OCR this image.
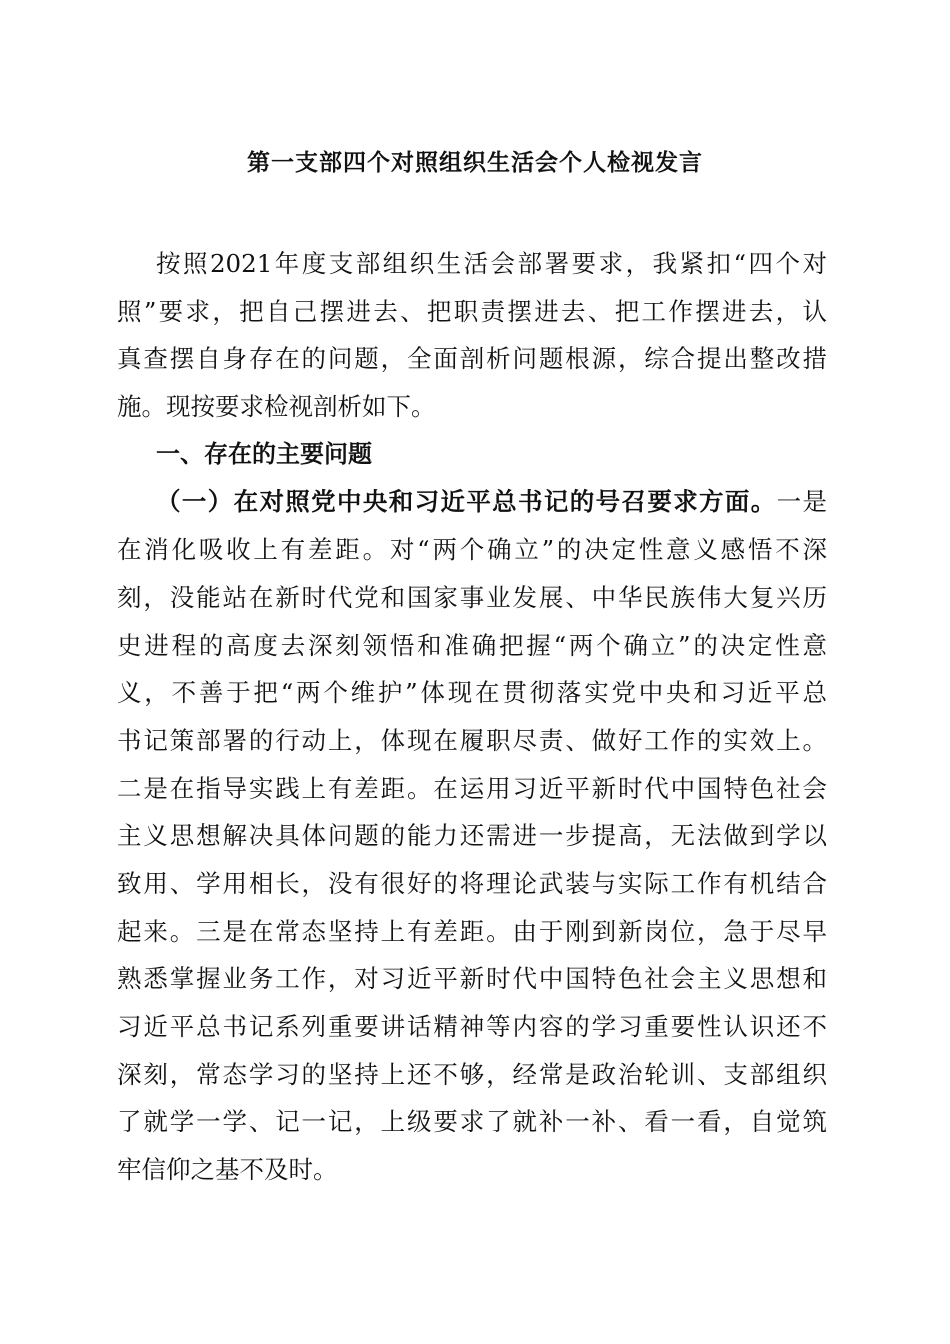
第一支部四个对照组织生活会个人检视发言
按照2021年度支部组织生活会部署要求，我紧扣“四个对
照”要求，把自己摆进去、把职责摆进去、把工作摆进去，认
真查摆自身存在的问题，全面剖析问题根源，综合提出整改措
施。现按要求检视剖析如下。
一、存在的主要问题
（一）在对照党中央和习近平总书记的号召要求方面。一是
在消化吸收上有差距。对“两个确立”的决定性意义感悟不深
刻，没能站在新时代党和国家事业发展、中华民族伟大复兴历
史进程的高度去深刻领悟和准确把握“两个确立”的决定性意
义，不善于把“两个维护”体现在贯彻落实党中央和习近平总
书记策部署的行动上，体现在履职尽责、做好工作的实效上。
二是在指导实践上有差距。在运用习近平新时代中国特色社会
主义思想解决具体问题的能力还需进一步提高，无法做到学以
致用、学用相长，没有很好的将理论武装与实际工作有机结合
起来。三是在常态坚持上有差距。由于刚到新岗位，急于尽早
熟悉掌握业务工作，对习近平新时代中国特色社会主义思想和
习近平总书记系列重要讲话精神等内容的学习重要性认识还不
深刻，常态学习的坚持上还不够，经常是政治轮训、支部组织
了就学一学、记一记，上级要求了就补一补、看一看，自觉筑
牢信仰之基不及时。
